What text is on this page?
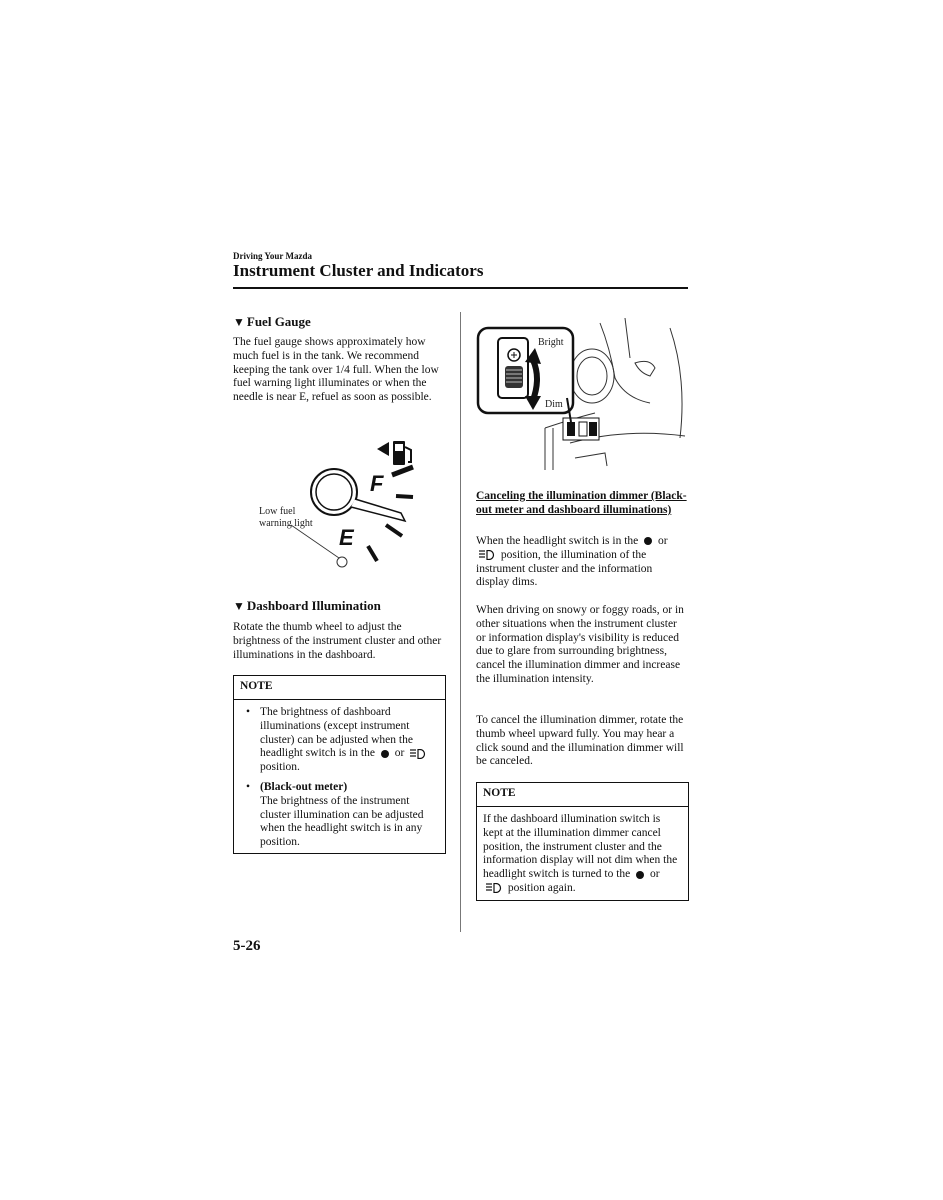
Driving Your Mazda
Instrument Cluster and Indicators
▼ Fuel Gauge

The fuel gauge shows approximately how much fuel is in the tank. We recommend keeping the tank over 1/4 full. When the low fuel warning light illuminates or when the needle is near E, refuel as soon as possible.

F
E
Low fuel
warning light
▼ Dashboard Illumination

Rotate the thumb wheel to adjust the brightness of the instrument cluster and other illuminations in the dashboard.

NOTE
• The brightness of dashboard illuminations (except instrument cluster) can be adjusted when the headlight switch is in the or  position.
• (Black-out meter)
The brightness of the instrument cluster illumination can be adjusted when the headlight switch is in any position.
Bright
Dim
Canceling the illumination dimmer (Black-out meter and dashboard illuminations)
When the headlight switch is in the or  position, the illumination of the instrument cluster and the information display dims.
When driving on snowy or foggy roads, or in other situations when the instrument cluster or information display's visibility is reduced due to glare from surrounding brightness, cancel the illumination dimmer and increase the illumination intensity.
To cancel the illumination dimmer, rotate the thumb wheel upward fully. You may hear a click sound and the illumination dimmer will be canceled.
NOTE
If the dashboard illumination switch is kept at the illumination dimmer cancel position, the instrument cluster and the information display will not dim when the headlight switch is turned to the or  position again.
5-26
